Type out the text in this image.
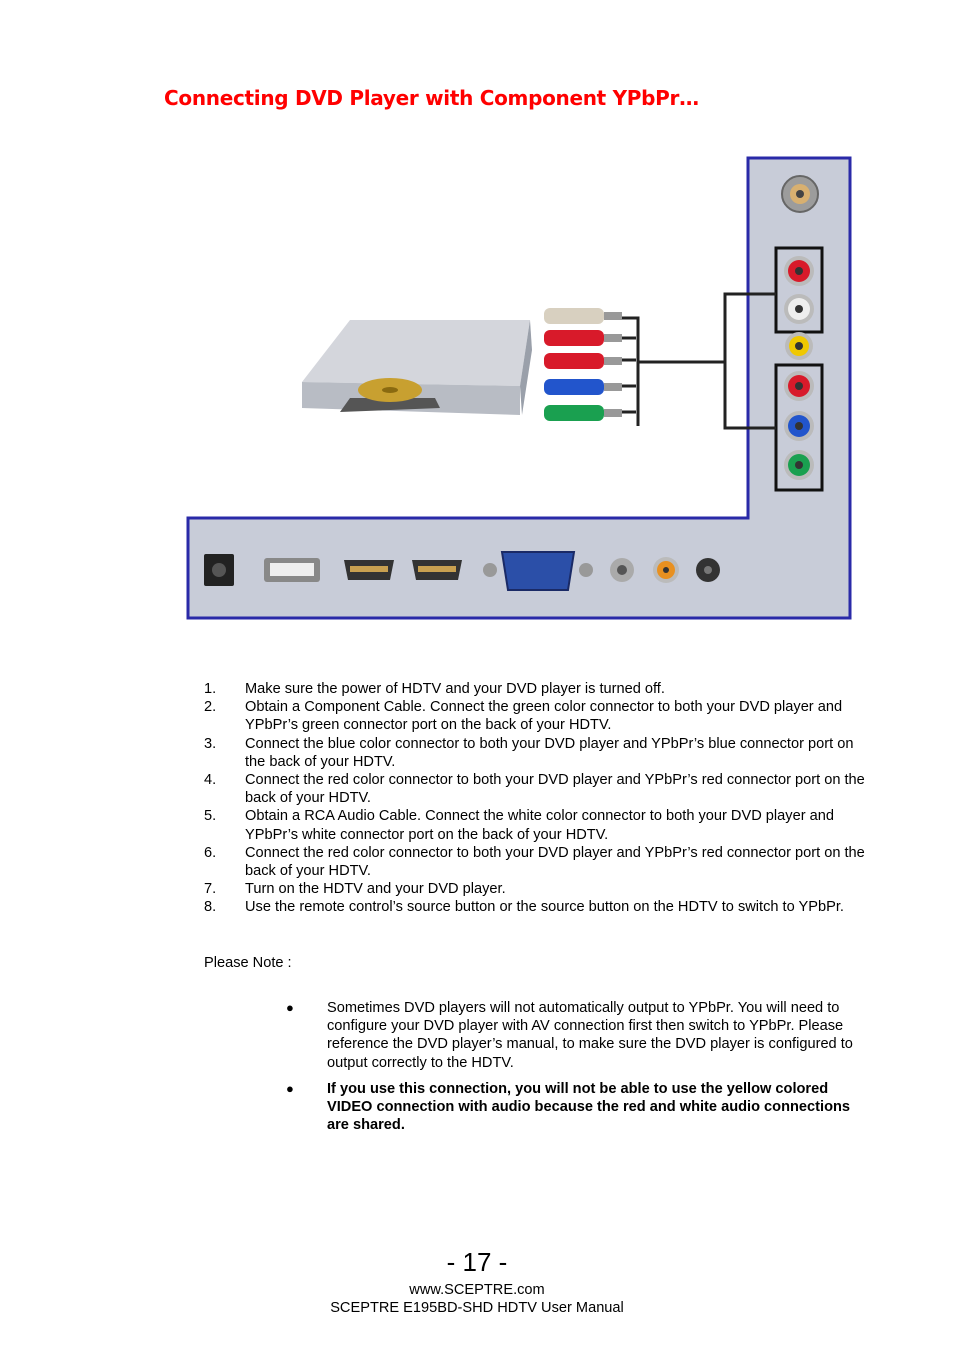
Connecting DVD Player with Component YPbPr…
1.	Make sure the power of HDTV and your DVD player is turned off.
2.	Obtain a Component Cable. Connect the green color connector to both your DVD player and YPbPr’s green connector port on the back of your HDTV.
3.	Connect the blue color connector to both your DVD player and YPbPr’s blue connector port on the back of your HDTV.
4.	Connect the red color connector to both your DVD player and YPbPr’s red connector port on the back of your HDTV.
5.	Obtain a RCA Audio Cable. Connect the white color connector to both your DVD player and YPbPr’s white connector port on the back of your HDTV.
6.	Connect the red color connector to both your DVD player and YPbPr’s red connector port on the back of your HDTV.
7.	Turn on the HDTV and your DVD player.
8.	Use the remote control’s source button or the source button on the HDTV to switch to YPbPr.
Please Note :
●	Sometimes DVD players will not automatically output to YPbPr. You will need to configure your DVD player with AV connection first then switch to YPbPr. Please reference the DVD player’s manual, to make sure the DVD player is configured to output correctly to the HDTV.
●	If you use this connection, you will not be able to use the yellow colored VIDEO connection with audio because the red and white audio connections are shared.
- 17 -
www.SCEPTRE.com
SCEPTRE E195BD-SHD HDTV User Manual
